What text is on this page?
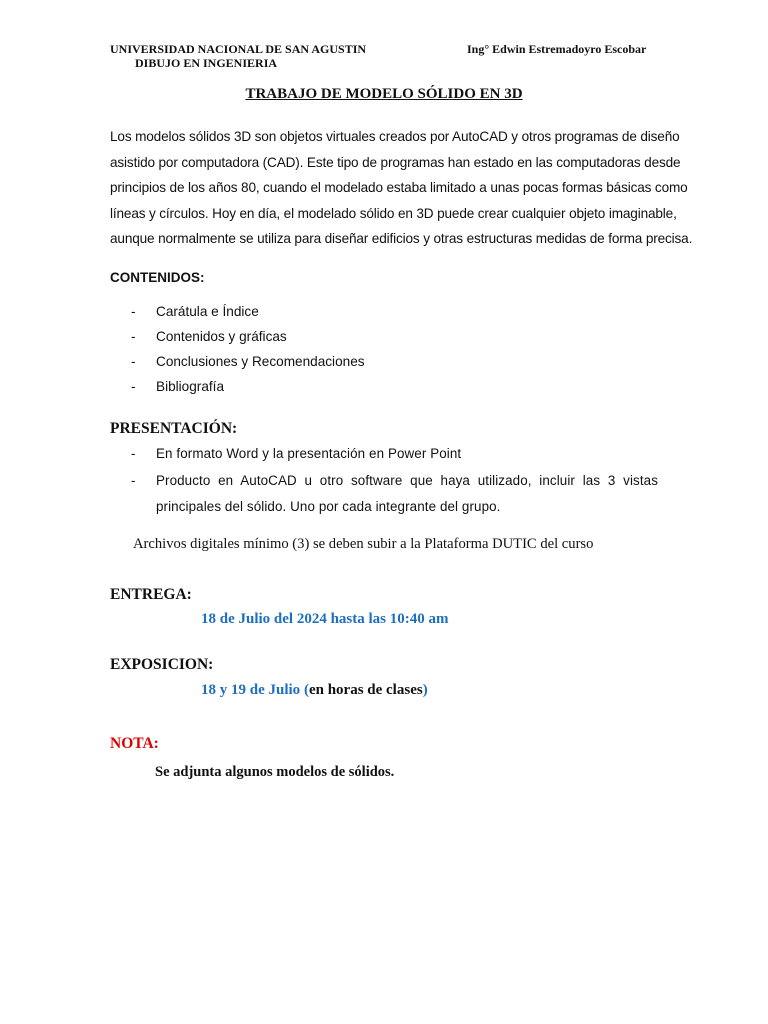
UNIVERSIDAD NACIONAL DE SAN AGUSTIN
DIBUJO EN INGENIERIA
Ing° Edwin Estremadoyro Escobar
TRABAJO DE MODELO SÓLIDO EN 3D
Los modelos sólidos 3D son objetos virtuales creados por AutoCAD y otros programas de diseño
asistido por computadora (CAD). Este tipo de programas han estado en las computadoras desde
principios de los años 80, cuando el modelado estaba limitado a unas pocas formas básicas como
líneas y círculos. Hoy en día, el modelado sólido en 3D puede crear cualquier objeto imaginable,
aunque normalmente se utiliza para diseñar edificios y otras estructuras medidas de forma precisa.
CONTENIDOS:
- Carátula e Índice
- Contenidos y gráficas
- Conclusiones y Recomendaciones
- Bibliografía
PRESENTACIÓN:
- En formato Word y la presentación en Power Point
- Producto en AutoCAD u otro software que haya utilizado, incluir las 3 vistas
principales del sólido. Uno por cada integrante del grupo.
Archivos digitales mínimo (3) se deben subir a la Plataforma DUTIC del curso
ENTREGA:
18 de Julio del 2024 hasta las 10:40 am
EXPOSICION:
18 y 19 de Julio (en horas de clases)
NOTA:
Se adjunta algunos modelos de sólidos.
